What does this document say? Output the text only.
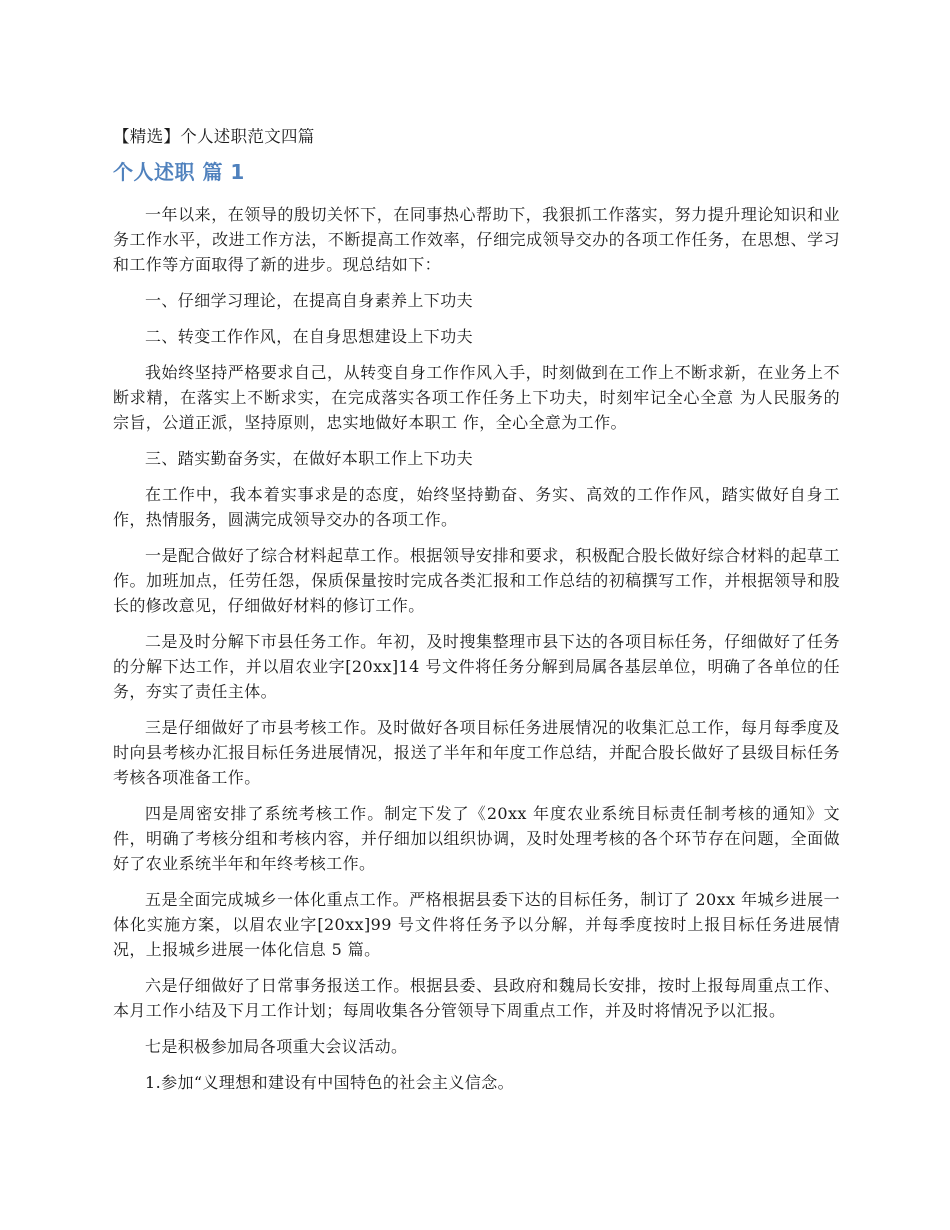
【精选】个人述职范文四篇
个人述职 篇 1

一年以来，在领导的殷切关怀下，在同事热心帮助下，我狠抓工作落实，努力提升理论知识和业务工作水平，改进工作方法，不断提高工作效率，仔细完成领导交办的各项工作任务，在思想、学习和工作等方面取得了新的进步。现总结如下：

一、仔细学习理论，在提高自身素养上下功夫

二、转变工作作风，在自身思想建设上下功夫

我始终坚持严格要求自己，从转变自身工作作风入手，时刻做到在工作上不断求新，在业务上不断求精，在落实上不断求实，在完成落实各项工作任务上下功夫，时刻牢记全心全意 为人民服务的宗旨，公道正派，坚持原则，忠实地做好本职工 作，全心全意为工作。

三、踏实勤奋务实，在做好本职工作上下功夫

在工作中，我本着实事求是的态度，始终坚持勤奋、务实、高效的工作作风，踏实做好自身工作，热情服务，圆满完成领导交办的各项工作。

一是配合做好了综合材料起草工作。根据领导安排和要求，积极配合股长做好综合材料的起草工作。加班加点，任劳任怨，保质保量按时完成各类汇报和工作总结的初稿撰写工作，并根据领导和股长的修改意见，仔细做好材料的修订工作。

二是及时分解下市县任务工作。年初，及时搜集整理市县下达的各项目标任务，仔细做好了任务的分解下达工作，并以眉农业字[20xx]14 号文件将任务分解到局属各基层单位，明确了各单位的任务，夯实了责任主体。

三是仔细做好了市县考核工作。及时做好各项目标任务进展情况的收集汇总工作，每月每季度及时向县考核办汇报目标任务进展情况，报送了半年和年度工作总结，并配合股长做好了县级目标任务考核各项准备工作。

四是周密安排了系统考核工作。制定下发了《20xx 年度农业系统目标责任制考核的通知》文件，明确了考核分组和考核内容，并仔细加以组织协调，及时处理考核的各个环节存在问题，全面做好了农业系统半年和年终考核工作。

五是全面完成城乡一体化重点工作。严格根据县委下达的目标任务，制订了 20xx 年城乡进展一体化实施方案，以眉农业字[20xx]99 号文件将任务予以分解，并每季度按时上报目标任务进展情况，上报城乡进展一体化信息 5 篇。

六是仔细做好了日常事务报送工作。根据县委、县政府和魏局长安排，按时上报每周重点工作、本月工作小结及下月工作计划；每周收集各分管领导下周重点工作，并及时将情况予以汇报。

七是积极参加局各项重大会议活动。

1.参加“义理想和建设有中国特色的社会主义信念。
